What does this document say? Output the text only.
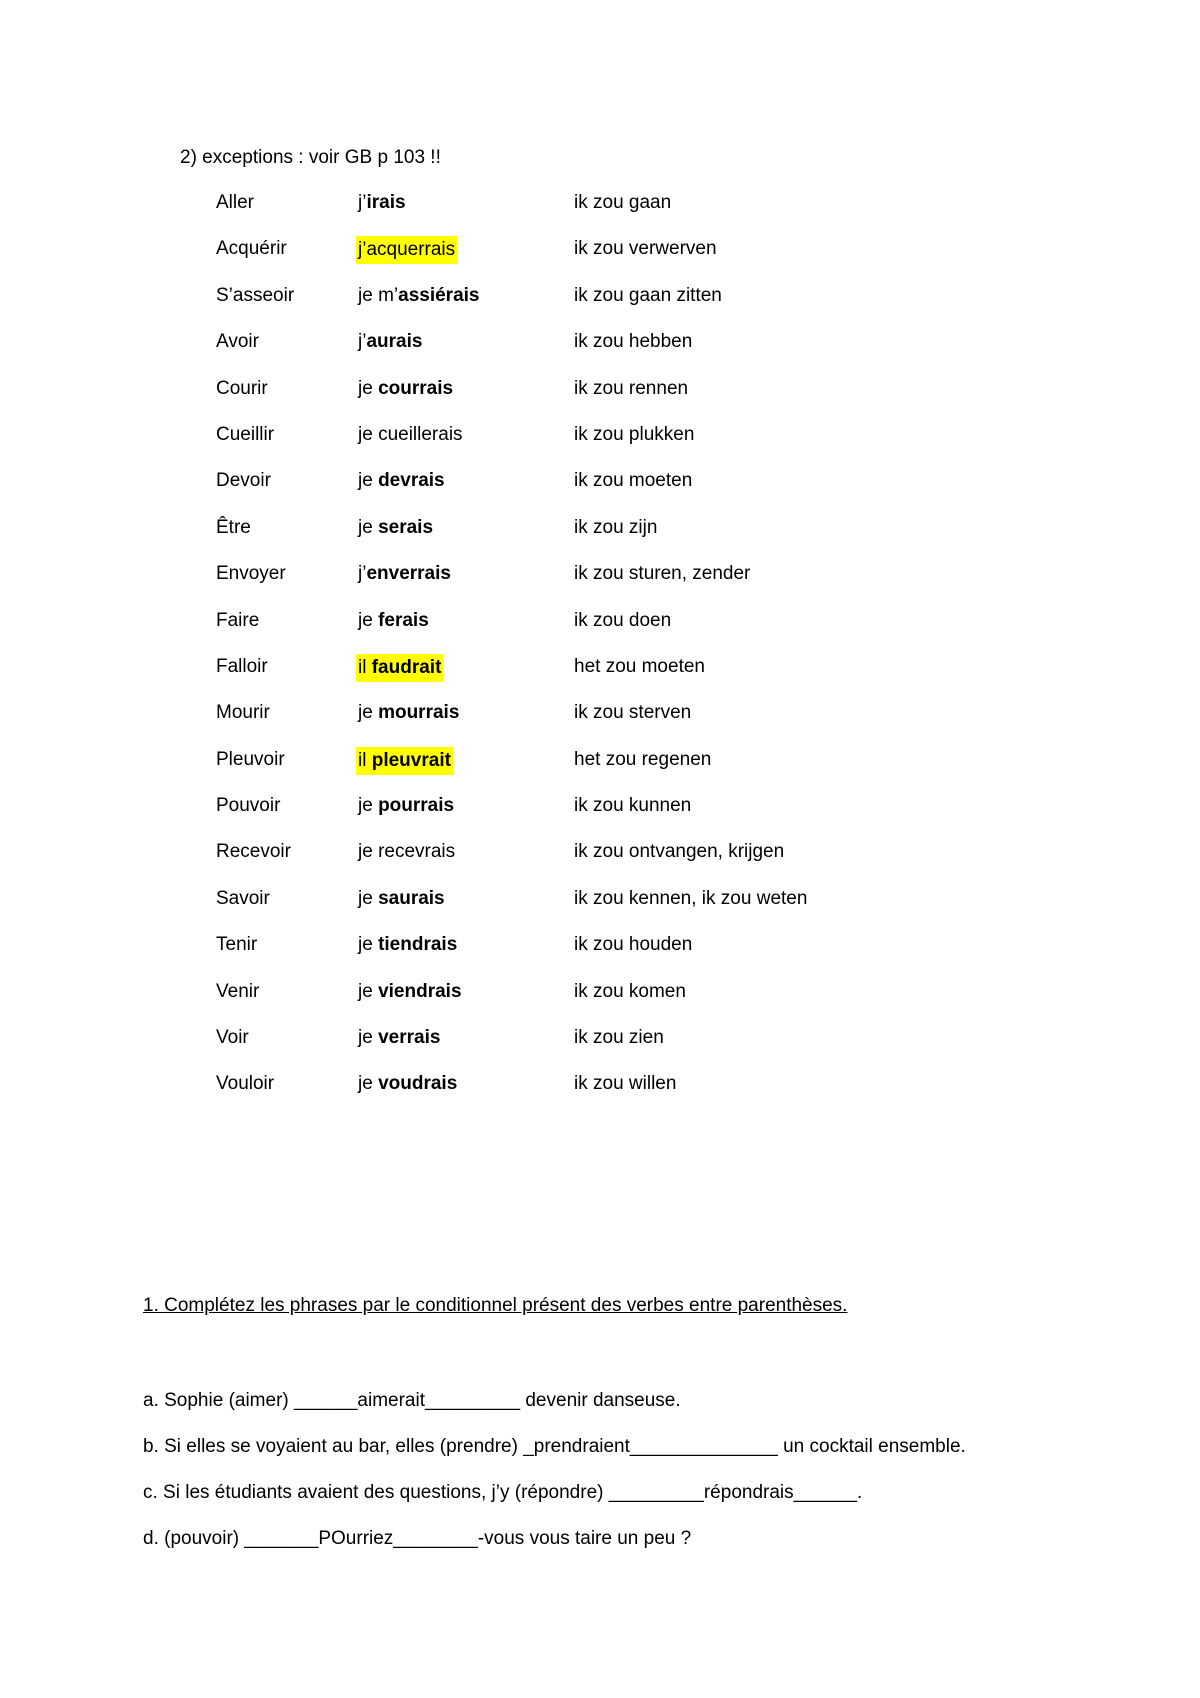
2) exceptions : voir GB p 103 !!
Aller	j’irais	ik zou gaan
Acquérir	j’acquerrais	ik zou verwerven
S’asseoir	je m’assiérais	ik zou gaan zitten
Avoir	j’aurais	ik zou hebben
Courir	je courrais	ik zou rennen
Cueillir	je cueillerais	ik zou plukken
Devoir	je devrais	ik zou moeten
Être	je serais	ik zou zijn
Envoyer	j’enverrais	ik zou sturen, zender
Faire	je ferais	ik zou doen
Falloir	il faudrait	het zou moeten
Mourir	je mourrais	ik zou sterven
Pleuvoir	il pleuvrait	het zou regenen
Pouvoir	je pourrais	ik zou kunnen
Recevoir	je recevrais	ik zou ontvangen, krijgen
Savoir	je saurais	ik zou kennen, ik zou weten
Tenir	je tiendrais	ik zou houden
Venir	je viendrais	ik zou komen
Voir	je verrais	ik zou zien
Vouloir	je voudrais	ik zou willen
1. Complétez les phrases par le conditionnel présent des verbes entre parenthèses.
a. Sophie (aimer) ______aimerait_________ devenir danseuse.
b. Si elles se voyaient au bar, elles (prendre) _prendraient______________ un cocktail ensemble.
c. Si les étudiants avaient des questions, j’y (répondre) _________répondrais______.
d. (pouvoir) _______POurriez________-vous vous taire un peu ?
